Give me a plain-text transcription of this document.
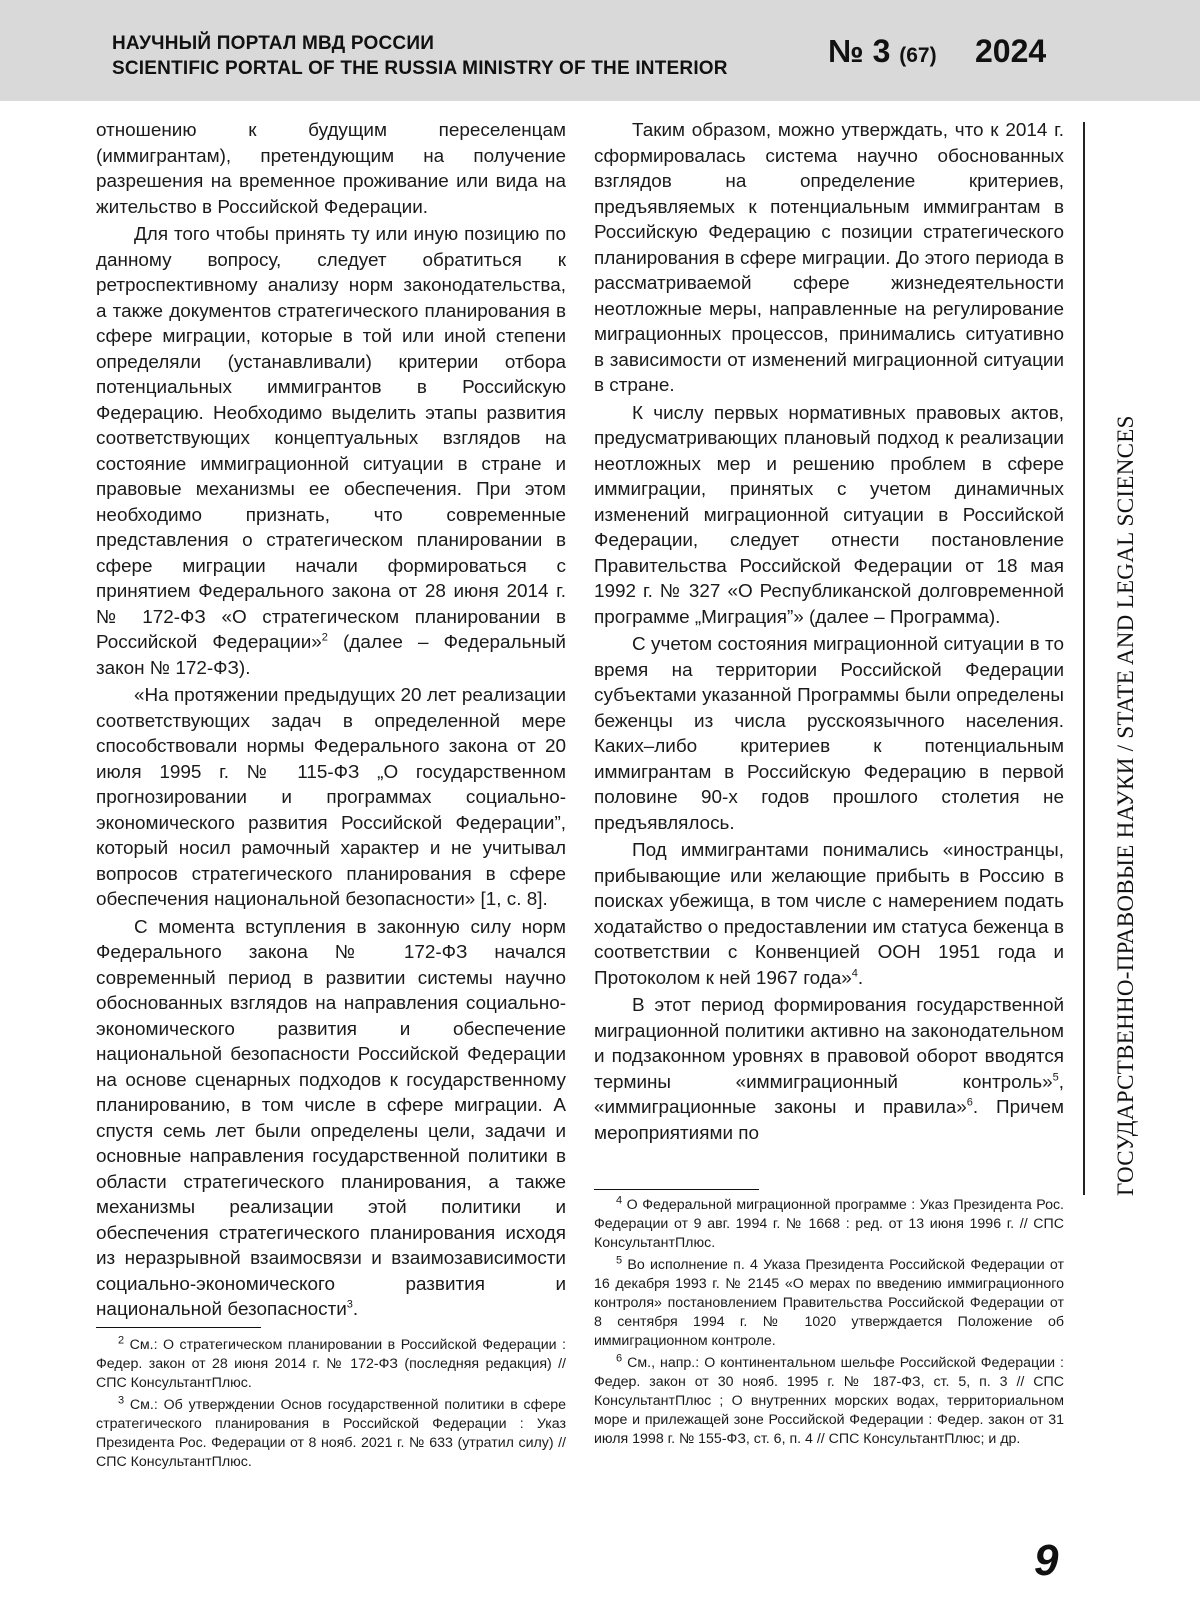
НАУЧНЫЙ ПОРТАЛ МВД РОССИИ
SCIENTIFIC PORTAL OF THE RUSSIA MINISTRY OF THE INTERIOR	№ 3 (67) 2024

отношению к будущим переселенцам (иммигрантам), претендующим на получение разрешения на временное проживание или вида на жительство в Российской Федерации.

Для того чтобы принять ту или иную позицию по данному вопросу, следует обратиться к ретроспективному анализу норм законодательства, а также документов стратегического планирования в сфере миграции, которые в той или иной степени определяли (устанавливали) критерии отбора потенциальных иммигрантов в Российскую Федерацию. Необходимо выделить этапы развития соответствующих концептуальных взглядов на состояние иммиграционной ситуации в стране и правовые механизмы ее обеспечения. При этом необходимо признать, что современные представления о стратегическом планировании в сфере миграции начали формироваться с принятием Федерального закона от 28 июня 2014 г. № 172-ФЗ «О стратегическом планировании в Российской Федерации»$^2$ (далее – Федеральный закон № 172-ФЗ).

«На протяжении предыдущих 20 лет реализации соответствующих задач в определенной мере способствовали нормы Федерального закона от 20 июля 1995 г. № 115-ФЗ „О государственном прогнозировании и программах социально-экономического развития Российской Федерации”, который носил рамочный характер и не учитывал вопросов стратегического планирования в сфере обеспечения национальной безопасности» [1, с. 8].

С момента вступления в законную силу норм Федерального закона № 172-ФЗ начался современный период в развитии системы научно обоснованных взглядов на направления социально-экономического развития и обеспечение национальной безопасности Российской Федерации на основе сценарных подходов к государственному планированию, в том числе в сфере миграции. А спустя семь лет были определены цели, задачи и основные направления государственной политики в области стратегического планирования, а также механизмы реализации этой политики и обеспечения стратегического планирования исходя из неразрывной взаимосвязи и взаимозависимости социально-экономического развития и национальной безопасности$^3$.

$^2$ См.: О стратегическом планировании в Российской Федерации : Федер. закон от 28 июня 2014 г. № 172-ФЗ (последняя редакция) // СПС КонсультантПлюс.

$^3$ См.: Об утверждении Основ государственной политики в сфере стратегического планирования в Российской Федерации : Указ Президента Рос. Федерации от 8 нояб. 2021 г. № 633 (утратил силу) // СПС КонсультантПлюс.

Таким образом, можно утверждать, что к 2014 г. сформировалась система научно обоснованных взглядов на определение критериев, предъявляемых к потенциальным иммигрантам в Российскую Федерацию с позиции стратегического планирования в сфере миграции. До этого периода в рассматриваемой сфере жизнедеятельности неотложные меры, направленные на регулирование миграционных процессов, принимались ситуативно в зависимости от изменений миграционной ситуации в стране.

К числу первых нормативных правовых актов, предусматривающих плановый подход к реализации неотложных мер и решению проблем в сфере иммиграции, принятых с учетом динамичных изменений миграционной ситуации в Российской Федерации, следует отнести постановление Правительства Российской Федерации от 18 мая 1992 г. № 327 «О Республиканской долговременной программе „Миграция”» (далее – Программа).

С учетом состояния миграционной ситуации в то время на территории Российской Федерации субъектами указанной Программы были определены беженцы из числа русскоязычного населения. Каких–либо критериев к потенциальным иммигрантам в Российскую Федерацию в первой половине 90-х годов прошлого столетия не предъявлялось.

Под иммигрантами понимались «иностранцы, прибывающие или желающие прибыть в Россию в поисках убежища, в том числе с намерением подать ходатайство о предоставлении им статуса беженца в соответствии с Конвенцией ООН 1951 года и Протоколом к ней 1967 года»$^4$.

В этот период формирования государственной миграционной политики активно на законодательном и подзаконном уровнях в правовой оборот вводятся термины «иммиграционный контроль»$^5$, «иммиграционные законы и правила»$^6$. Причем мероприятиями по

$^4$ О Федеральной миграционной программе : Указ Президента Рос. Федерации от 9 авг. 1994 г. № 1668 : ред. от 13 июня 1996 г. // СПС КонсультантПлюс.

$^5$ Во исполнение п. 4 Указа Президента Российской Федерации от 16 декабря 1993 г. № 2145 «О мерах по введению иммиграционного контроля» постановлением Правительства Российской Федерации от 8 сентября 1994 г. № 1020 утверждается Положение об иммиграционном контроле.

$^6$ См., напр.: О континентальном шельфе Российской Федерации : Федер. закон от 30 нояб. 1995 г. № 187-ФЗ, ст. 5, п. 3 // СПС КонсультантПлюс ; О внутренних морских водах, территориальном море и прилежащей зоне Российской Федерации : Федер. закон от 31 июля 1998 г. № 155-ФЗ, ст. 6, п. 4 // СПС КонсультантПлюс; и др.

ГОСУДАРСТВЕННО-ПРАВОВЫЕ НАУКИ / STATE AND LEGAL SCIENCES
9
